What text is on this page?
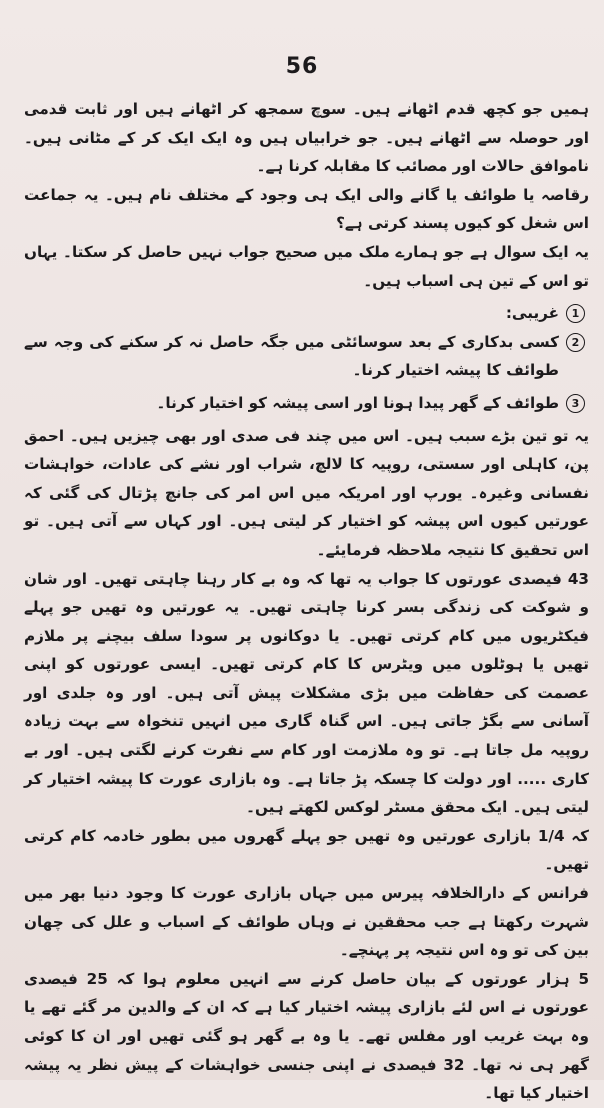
56

ہمیں جو کچھ قدم اٹھانے ہیں۔ سوچ سمجھ کر اٹھانے ہیں اور ثابت قدمی اور حوصلہ سے اٹھانے ہیں۔ جو خرابیاں ہیں وہ ایک ایک کر کے مٹانی ہیں۔ ناموافق حالات اور مصائب کا مقابلہ کرنا ہے۔

رقاصہ یا طوائف یا گانے والی ایک ہی وجود کے مختلف نام ہیں۔ یہ جماعت اس شغل کو کیوں پسند کرتی ہے؟

یہ ایک سوال ہے جو ہمارے ملک میں صحیح جواب نہیں حاصل کر سکتا۔ یہاں تو اس کے تین ہی اسباب ہیں۔

1
غریبی:
2
کسی بدکاری کے بعد سوسائٹی میں جگہ حاصل نہ کر سکنے کی وجہ سے طوائف کا پیشہ اختیار کرنا۔
3
طوائف کے گھر پیدا ہونا اور اسی پیشہ کو اختیار کرنا۔

یہ تو تین بڑے سبب ہیں۔ اس میں چند فی صدی اور بھی چیزیں ہیں۔ احمق پن، کاہلی اور سستی، روپیہ کا لالچ، شراب اور نشے کی عادات، خواہشات نفسانی وغیرہ۔ یورپ اور امریکہ میں اس امر کی جانچ پڑتال کی گئی کہ عورتیں کیوں اس پیشہ کو اختیار کر لیتی ہیں۔ اور کہاں سے آتی ہیں۔ تو اس تحقیق کا نتیجہ ملاحظہ فرمایئے۔

43 فیصدی عورتوں کا جواب یہ تھا کہ وہ بے کار رہنا چاہتی تھیں۔ اور شان و شوکت کی زندگی بسر کرنا چاہتی تھیں۔ یہ عورتیں وہ تھیں جو پہلے فیکٹریوں میں کام کرتی تھیں۔ یا دوکانوں پر سودا سلف بیچنے پر ملازم تھیں یا ہوٹلوں میں ویٹرس کا کام کرتی تھیں۔ ایسی عورتوں کو اپنی عصمت کی حفاظت میں بڑی مشکلات پیش آتی ہیں۔ اور وہ جلدی اور آسانی سے بگڑ جاتی ہیں۔ اس گناہ گاری میں انہیں تنخواہ سے بہت زیادہ روپیہ مل جاتا ہے۔ تو وہ ملازمت اور کام سے نفرت کرنے لگتی ہیں۔ اور بے کاری ..... اور دولت کا چسکہ پڑ جاتا ہے۔ وہ بازاری عورت کا پیشہ اختیار کر لیتی ہیں۔ ایک محقق مسٹر لوکس لکھتے ہیں۔

کہ 1/4 بازاری عورتیں وہ تھیں جو پہلے گھروں میں بطور خادمہ کام کرتی تھیں۔

فرانس کے دارالخلافہ پیرس میں جہاں بازاری عورت کا وجود دنیا بھر میں شہرت رکھتا ہے جب محققین نے وہاں طوائف کے اسباب و علل کی چھان بین کی تو وہ اس نتیجہ پر پہنچے۔

5 ہزار عورتوں کے بیان حاصل کرنے سے انہیں معلوم ہوا کہ 25 فیصدی عورتوں نے اس لئے بازاری پیشہ اختیار کیا ہے کہ ان کے والدین مر گئے تھے یا وہ بہت غریب اور مفلس تھے۔ یا وہ بے گھر ہو گئی تھیں اور ان کا کوئی گھر ہی نہ تھا۔ 32 فیصدی نے اپنی جنسی خواہشات کے پیش نظر یہ پیشہ اختیار کیا تھا۔
